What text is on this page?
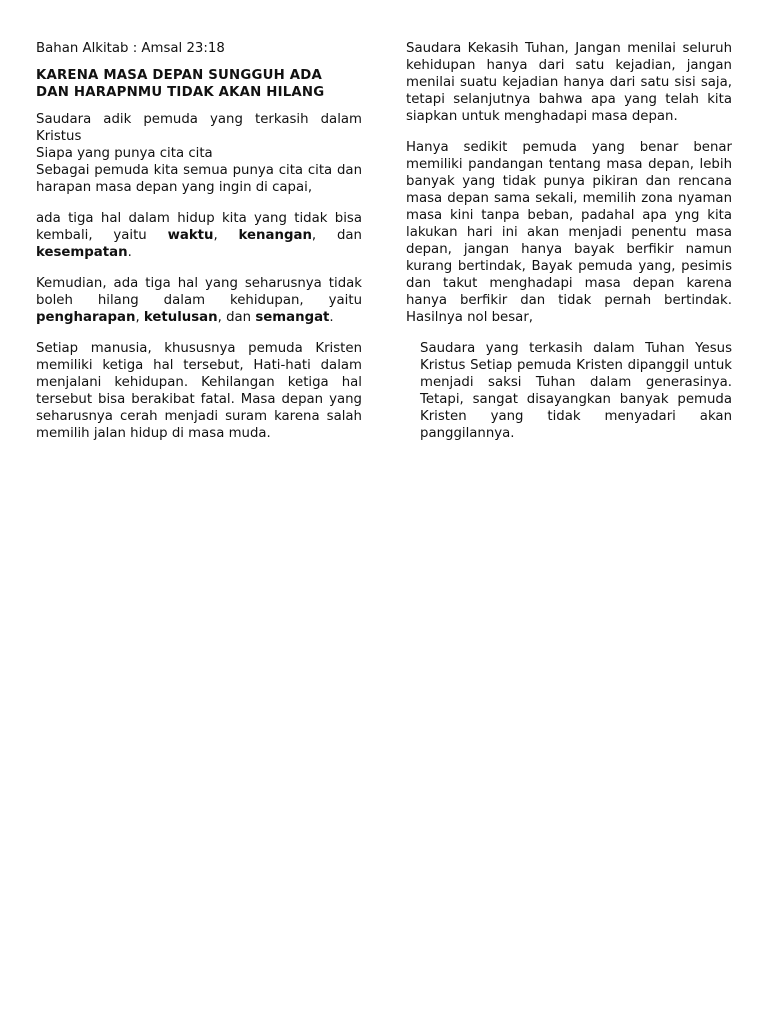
Bahan Alkitab : Amsal 23:18

KARENA MASA DEPAN SUNGGUH ADA
DAN HARAPNMU TIDAK AKAN HILANG

Saudara adik pemuda yang terkasih dalam Kristus
Siapa yang punya cita cita
Sebagai pemuda kita semua punya cita cita dan harapan masa depan yang ingin di capai,

ada tiga hal dalam hidup kita yang tidak bisa kembali, yaitu waktu, kenangan, dan kesempatan.

Kemudian, ada tiga hal yang seharusnya tidak boleh hilang dalam kehidupan, yaitu pengharapan, ketulusan, dan semangat.

Setiap manusia, khususnya pemuda Kristen memiliki ketiga hal tersebut, Hati-hati dalam menjalani kehidupan. Kehilangan ketiga hal tersebut bisa berakibat fatal. Masa depan yang seharusnya cerah menjadi suram karena salah memilih jalan hidup di masa muda.

Saudara Kekasih Tuhan, Jangan menilai seluruh kehidupan hanya dari satu kejadian, jangan menilai suatu kejadian hanya dari satu sisi saja, tetapi selanjutnya bahwa apa yang telah kita siapkan untuk menghadapi masa depan.

Hanya sedikit pemuda yang benar benar memiliki pandangan tentang masa depan, lebih banyak yang tidak punya pikiran dan rencana masa depan sama sekali, memilih zona nyaman masa kini tanpa beban, padahal apa yng kita lakukan hari ini akan menjadi penentu masa depan, jangan hanya bayak berfikir namun kurang bertindak, Bayak pemuda yang, pesimis dan takut menghadapi masa depan karena hanya berfikir dan tidak pernah bertindak. Hasilnya nol besar,

Saudara yang terkasih dalam Tuhan Yesus Kristus Setiap pemuda Kristen dipanggil untuk menjadi saksi Tuhan dalam generasinya. Tetapi, sangat disayangkan banyak pemuda Kristen yang tidak menyadari akan panggilannya.
